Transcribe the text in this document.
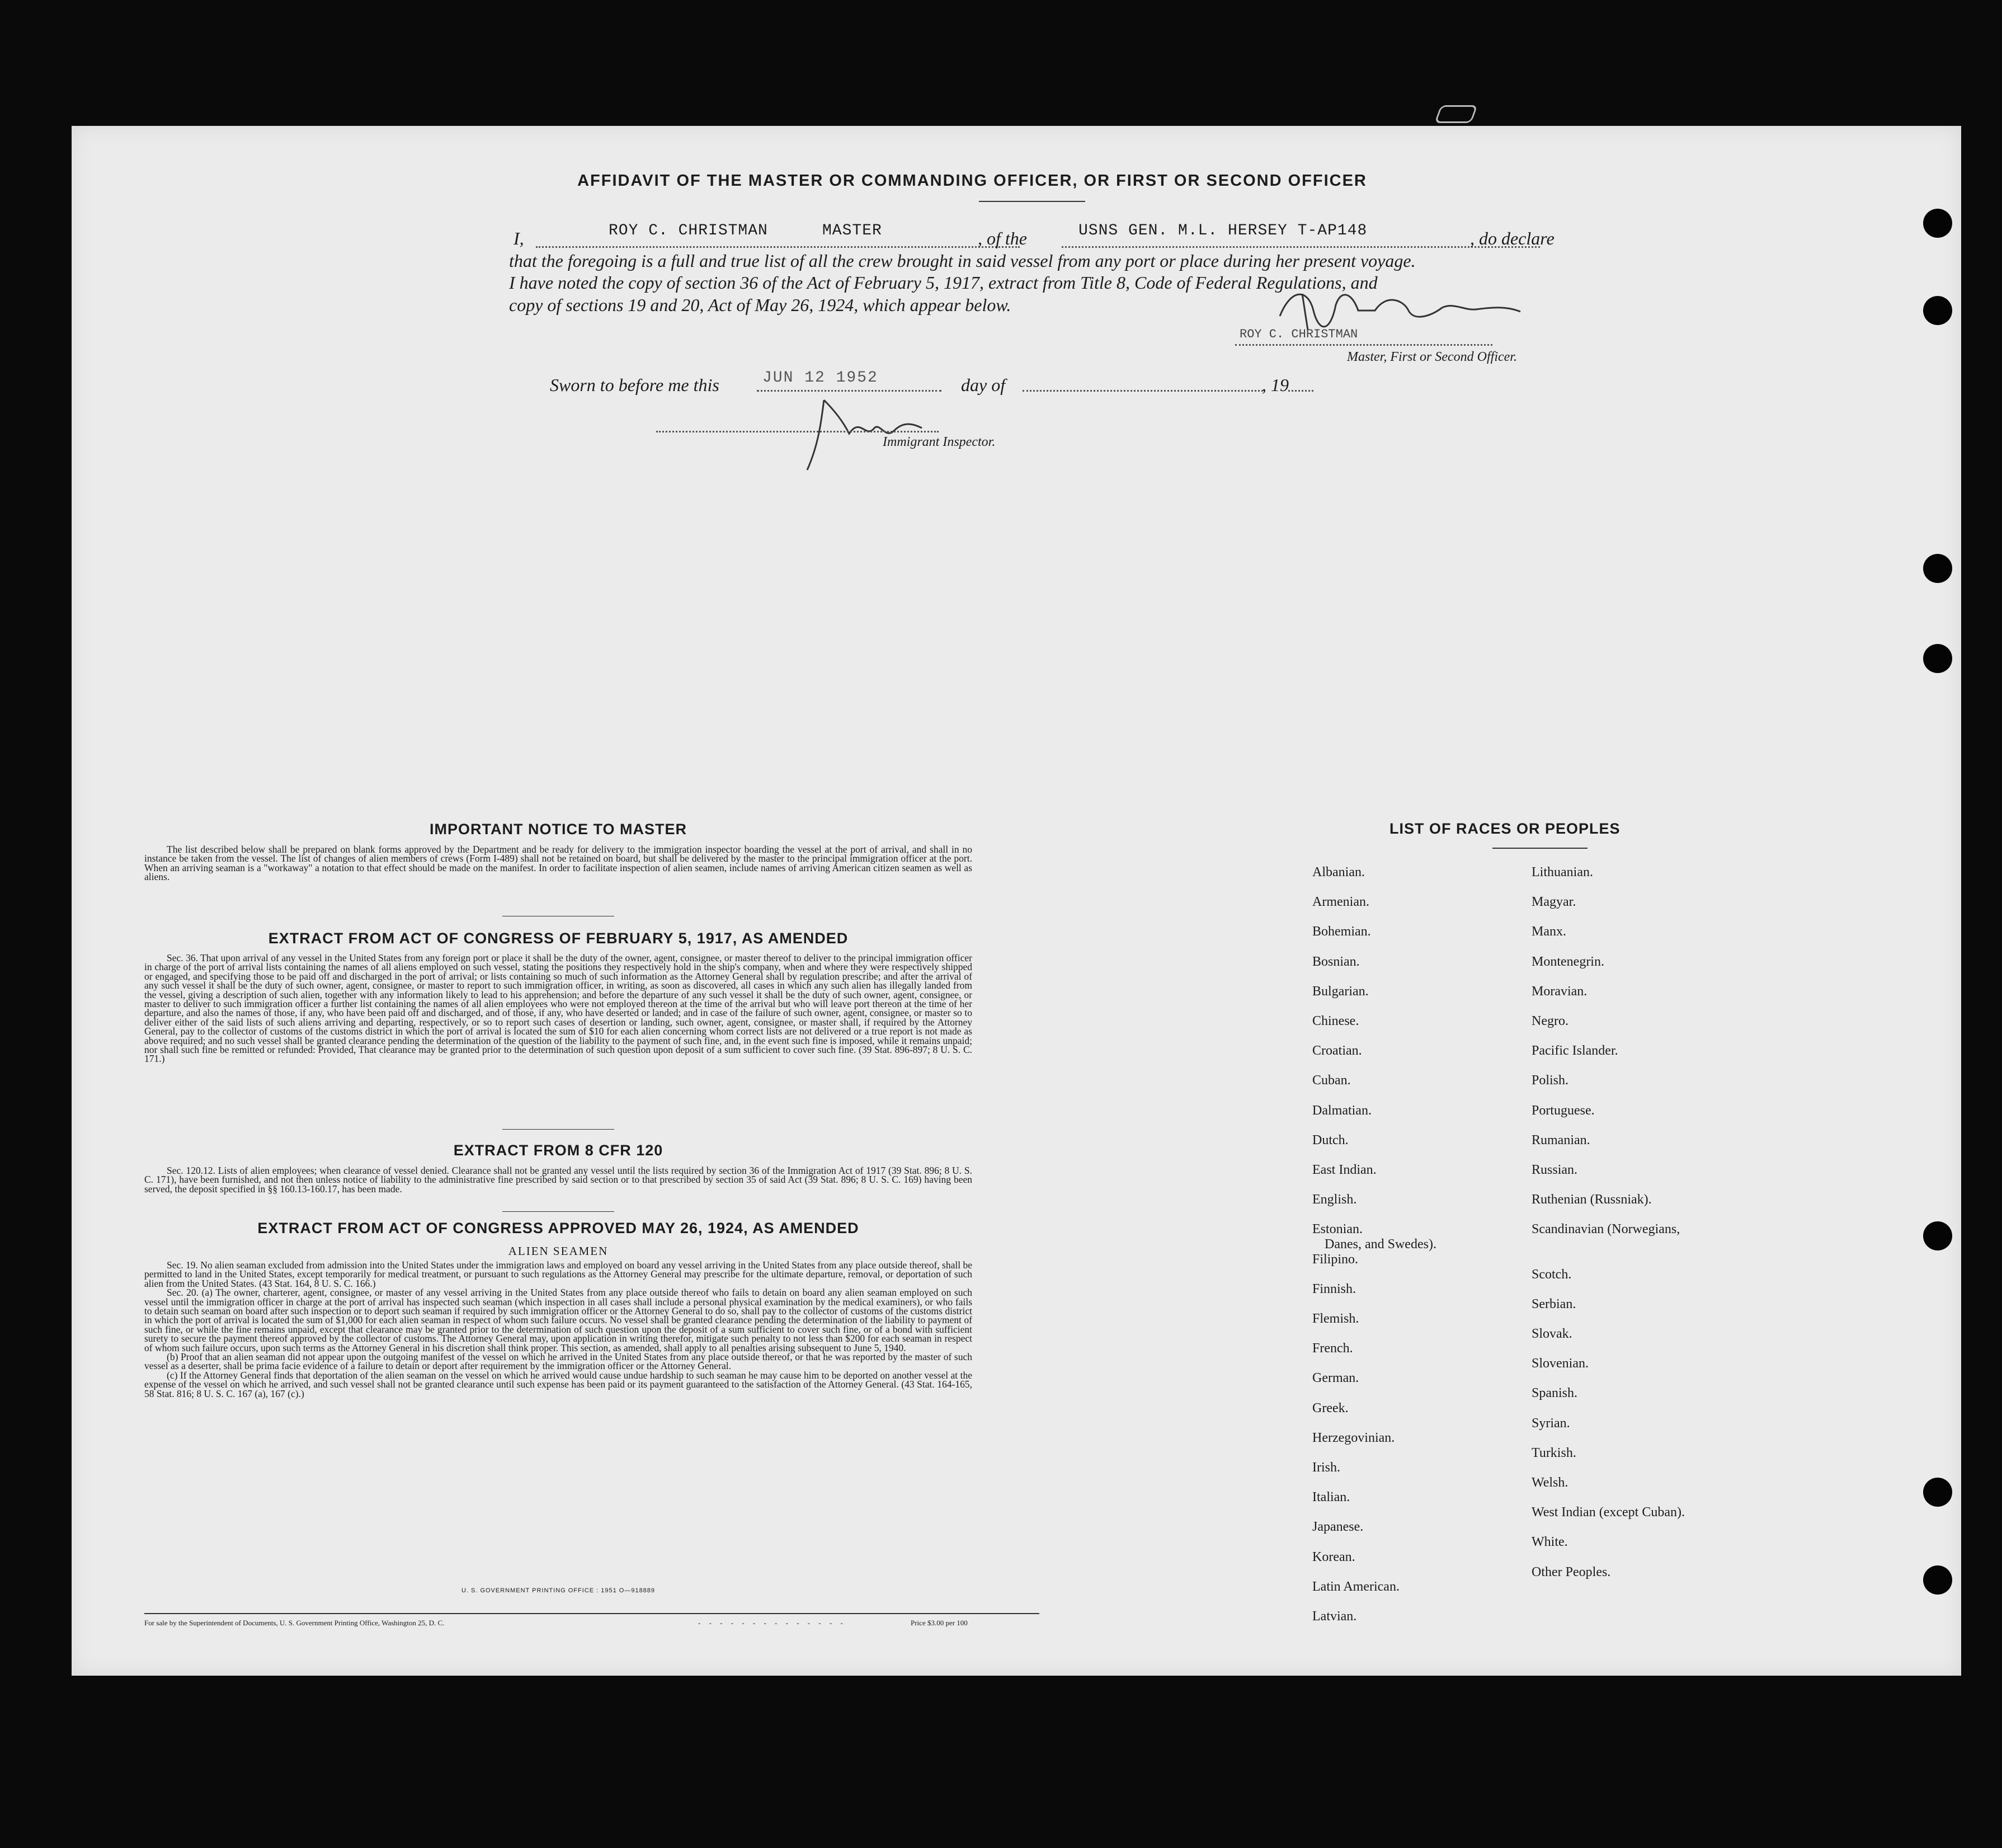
AFFIDAVIT OF THE MASTER OR COMMANDING OFFICER, OR FIRST OR SECOND OFFICER
I,	ROY C. CHRISTMAN	MASTER	, of the	USNS GEN. M.L. HERSEY T-AP148	, do declare
that the foregoing is a full and true list of all the crew brought in said vessel from any port or place during her present voyage.
I have noted the copy of section 36 of the Act of February 5, 1917, extract from Title 8, Code of Federal Regulations, and
copy of sections 19 and 20, Act of May 26, 1924, which appear below.
ROY C. CHRISTMAN
Master, First or Second Officer.
Sworn to before me this	JUN 12 1952	day of	, 19
Immigrant Inspector.
IMPORTANT NOTICE TO MASTER
The list described below shall be prepared on blank forms approved by the Department and be ready for delivery to the immigration inspector boarding the vessel at the port of arrival, and shall in no instance be taken from the vessel. The list of changes of alien members of crews (Form I-489) shall not be retained on board, but shall be delivered by the master to the principal immigration officer at the port. When an arriving seaman is a "workaway" a notation to that effect should be made on the manifest. In order to facilitate inspection of alien seamen, include names of arriving American citizen seamen as well as aliens.
EXTRACT FROM ACT OF CONGRESS OF FEBRUARY 5, 1917, AS AMENDED
Sec. 36. That upon arrival of any vessel in the United States from any foreign port or place it shall be the duty of the owner, agent, consignee, or master thereof to deliver to the principal immigration officer in charge of the port of arrival lists containing the names of all aliens employed on such vessel, stating the positions they respectively hold in the ship's company, when and where they were respectively shipped or engaged, and specifying those to be paid off and discharged in the port of arrival; or lists containing so much of such information as the Attorney General shall by regulation prescribe; and after the arrival of any such vessel it shall be the duty of such owner, agent, consignee, or master to report to such immigration officer, in writing, as soon as discovered, all cases in which any such alien has illegally landed from the vessel, giving a description of such alien, together with any information likely to lead to his apprehension; and before the departure of any such vessel it shall be the duty of such owner, agent, consignee, or master to deliver to such immigration officer a further list containing the names of all alien employees who were not employed thereon at the time of the arrival but who will leave port thereon at the time of her departure, and also the names of those, if any, who have been paid off and discharged, and of those, if any, who have deserted or landed; and in case of the failure of such owner, agent, consignee, or master so to deliver either of the said lists of such aliens arriving and departing, respectively, or so to report such cases of desertion or landing, such owner, agent, consignee, or master shall, if required by the Attorney General, pay to the collector of customs of the customs district in which the port of arrival is located the sum of $10 for each alien concerning whom correct lists are not delivered or a true report is not made as above required; and no such vessel shall be granted clearance pending the determination of the question of the liability to the payment of such fine, and, in the event such fine is imposed, while it remains unpaid; nor shall such fine be remitted or refunded: Provided, That clearance may be granted prior to the determination of such question upon deposit of a sum sufficient to cover such fine. (39 Stat. 896-897; 8 U. S. C. 171.)
EXTRACT FROM 8 CFR 120
Sec. 120.12. Lists of alien employees; when clearance of vessel denied. Clearance shall not be granted any vessel until the lists required by section 36 of the Immigration Act of 1917 (39 Stat. 896; 8 U. S. C. 171), have been furnished, and not then unless notice of liability to the administrative fine prescribed by said section or to that prescribed by section 35 of said Act (39 Stat. 896; 8 U. S. C. 169) having been served, the deposit specified in §§ 160.13-160.17, has been made.
EXTRACT FROM ACT OF CONGRESS APPROVED MAY 26, 1924, AS AMENDED
ALIEN SEAMEN
Sec. 19. No alien seaman excluded from admission into the United States under the immigration laws and employed on board any vessel arriving in the United States from any place outside thereof, shall be permitted to land in the United States, except temporarily for medical treatment, or pursuant to such regulations as the Attorney General may prescribe for the ultimate departure, removal, or deportation of such alien from the United States. (43 Stat. 164, 8 U. S. C. 166.)
Sec. 20. (a) The owner, charterer, agent, consignee, or master of any vessel arriving in the United States from any place outside thereof who fails to detain on board any alien seaman employed on such vessel until the immigration officer in charge at the port of arrival has inspected such seaman (which inspection in all cases shall include a personal physical examination by the medical examiners), or who fails to detain such seaman on board after such inspection or to deport such seaman if required by such immigration officer or the Attorney General to do so, shall pay to the collector of customs of the customs district in which the port of arrival is located the sum of $1,000 for each alien seaman in respect of whom such failure occurs. No vessel shall be granted clearance pending the determination of the liability to payment of such fine, or while the fine remains unpaid, except that clearance may be granted prior to the determination of such question upon the deposit of a sum sufficient to cover such fine, or of a bond with sufficient surety to secure the payment thereof approved by the collector of customs. The Attorney General may, upon application in writing therefor, mitigate such penalty to not less than $200 for each seaman in respect of whom such failure occurs, upon such terms as the Attorney General in his discretion shall think proper. This section, as amended, shall apply to all penalties arising subsequent to June 5, 1940.
(b) Proof that an alien seaman did not appear upon the outgoing manifest of the vessel on which he arrived in the United States from any place outside thereof, or that he was reported by the master of such vessel as a deserter, shall be prima facie evidence of a failure to detain or deport after requirement by the immigration officer or the Attorney General.
(c) If the Attorney General finds that deportation of the alien seaman on the vessel on which he arrived would cause undue hardship to such seaman he may cause him to be deported on another vessel at the expense of the vessel on which he arrived, and such vessel shall not be granted clearance until such expense has been paid or its payment guaranteed to the satisfaction of the Attorney General. (43 Stat. 164-165, 58 Stat. 816; 8 U. S. C. 167 (a), 167 (c).)
U. S. GOVERNMENT PRINTING OFFICE : 1951 O—918889
For sale by the Superintendent of Documents, U. S. Government Printing Office, Washington 25, D. C.	- - - - - - - - - - - - - -	Price $3.00 per 100
LIST OF RACES OR PEOPLES
Albanian.
Armenian.
Bohemian.
Bosnian.
Bulgarian.
Chinese.
Croatian.
Cuban.
Dalmatian.
Dutch.
East Indian.
English.
Estonian.
Filipino.
Finnish.
Flemish.
French.
German.
Greek.
Herzegovinian.
Irish.
Italian.
Japanese.
Korean.
Latin American.
Latvian.
Lithuanian.
Magyar.
Manx.
Montenegrin.
Moravian.
Negro.
Pacific Islander.
Polish.
Portuguese.
Rumanian.
Russian.
Ruthenian (Russniak).
Scandinavian (Norwegians,
Danes, and Swedes).
Scotch.
Serbian.
Slovak.
Slovenian.
Spanish.
Syrian.
Turkish.
Welsh.
West Indian (except Cuban).
White.
Other Peoples.
